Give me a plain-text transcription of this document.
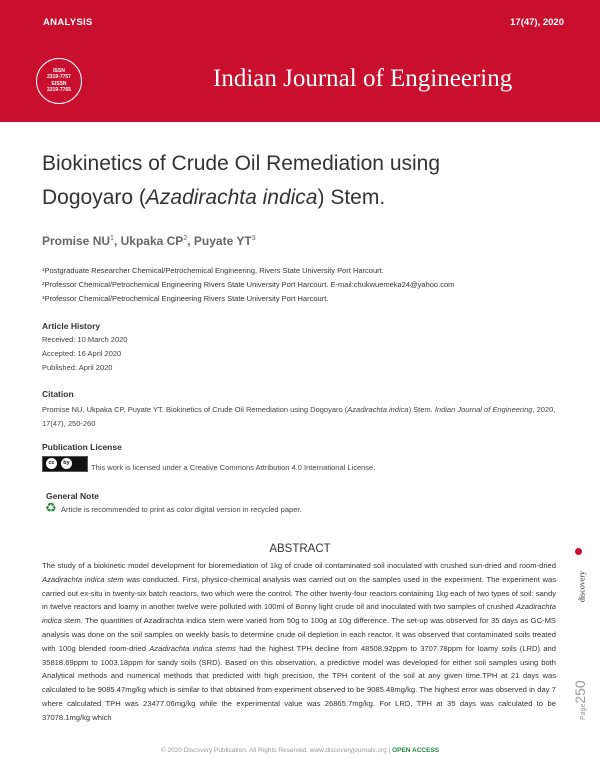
ANALYSIS	17(47), 2020
ISSN
2319-7757
EISSN
2319-7765	Indian Journal of Engineering
Biokinetics of Crude Oil Remediation using
Dogoyaro (Azadirachta indica) Stem.
Promise $NU^1$, Ukpaka $CP^2$, Puyate $YT^3$
¹Postgraduate Researcher Chemical/Petrochemical Engineering, Rivers State University Port Harcourt.
²Professor Chemical/Petrochemical Engineering Rivers State University Port Harcourt. E-mail:chukwuemeka24@yahoo.com
³Professor Chemical/Petrochemical Engineering Rivers State University Port Harcourt.
Article History
Received: 10 March 2020
Accepted: 16 April 2020
Published: April 2020
Citation
Promise NU, Ukpaka CP, Puyate YT. Biokinetics of Crude Oil Remediation using Dogoyaro (Azadirachta indica) Stem. Indian Journal of Engineering, 2020, 17(47), 250-260
Publication License
cc	by	This work is licensed under a Creative Commons Attribution 4.0 International License.
General Note
♻ Article is recommended to print as color digital version in recycled paper.
ABSTRACT
The study of a biokinetic model development for bioremediation of 1kg of crude oil contaminated soil inoculated with crushed sun-dried and room-dried Azadirachta indica stem was conducted. First, physico-chemical analysis was carried out on the samples used in the experiment. The experiment was carried out ex-situ in twenty-six batch reactors, two which were the control. The other twenty-four reactors containing 1kg each of two types of soil: sandy in twelve reactors and loamy in another twelve were polluted with 100ml of Bonny light crude oil and inoculated with two samples of crushed Azadirachta indica stem. The quantities of Azadirachta indica stem were varied from 50g to 100g at 10g difference. The set-up was observed for 35 days as GC-MS analysis was done on the soil samples on weekly basis to determine crude oil depletion in each reactor. It was observed that contaminated soils treated with 100g blended room-dried Azadirachta indica stems had the highest TPH decline from 48508.92ppm to 3707.78ppm for loamy soils (LRD) and 35818.69ppm to 1003.18ppm for sandy soils (SRD). Based on this observation, a predictive model was developed for either soil samples using both Analytical methods and numerical methods that predicted with high precision, the TPH content of the soil at any given time.TPH at 21 days was calculated to be 9085.47mg/kg which is similar to that obtained from experiment observed to be 9085.48mg/kg. The highest error was observed in day 7 where calculated TPH was 23477.06mg/kg while the experimental value was 26865.7mg/kg. For LRD, TPH at 35 days was calculated to be 37078.1mg/kg which
discovery
Page250
© 2020 Discovery Publication. All Rights Reserved. www.discoveryjournals.org | OPEN ACCESS
